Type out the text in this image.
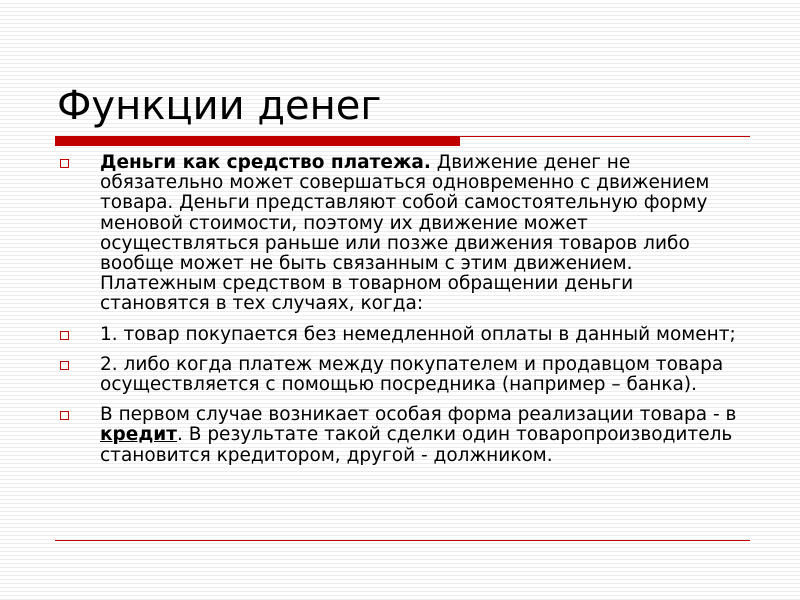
Функции денег
Деньги как средство платежа. Движение денег не обязательно может совершаться одновременно с движением товара. Деньги представляют собой самостоятельную форму меновой стоимости, поэтому их движение может осуществляться раньше или позже движения товаров либо вообще может не быть связанным с этим движением. Платежным средством в товарном обращении деньги становятся в тех случаях, когда:
1. товар покупается без немедленной оплаты в данный момент;
2. либо когда платеж между покупателем и продавцом товара осуществляется с помощью посредника (например – банка).
В первом случае возникает особая форма реализации товара - в кредит. В результате такой сделки один товаропроизводитель становится кредитором, другой - должником.
